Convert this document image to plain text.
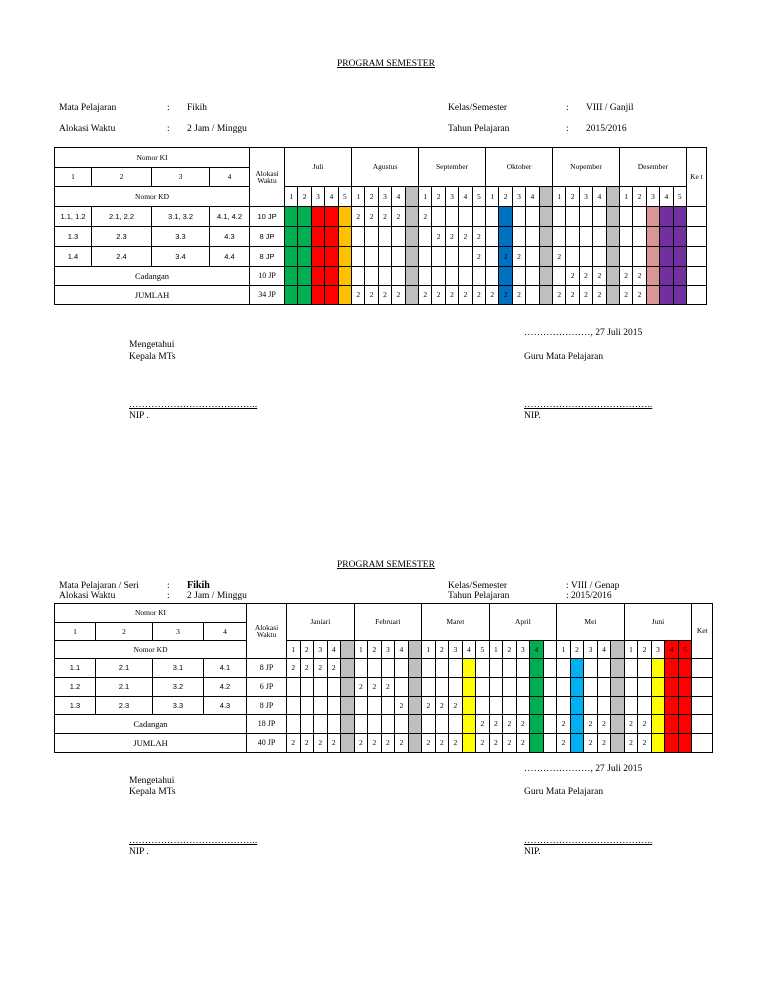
PROGRAM SEMESTER
Mata Pelajaran	: Fikih
Alokasi Waktu	: 2 Jam / Minggu
Kelas/Semester	: VIII / Ganjil
Tahun Pelajaran	: 2015/2016
Nomor KI				Alokasi Waktu	Juli					Agustus					September					Oktober					Nopember					Desember					Ke t
1	2	3	4																																
Nomor KD					1	2	3	4	5	1	2	3	4		1	2	3	4	5	1	2	3	4		1	2	3	4		1	2	3	4	5	
1.1, 1.2	2.1, 2.2	3.1, 3.2	4.1, 4.2	10 JP						2	2	2	2		2																				
1.3	2.3	3.3	4.3	8 JP												2	2	2	2																
1.4	2.4	3.4	4.4	8 JP															2		2	2			2										
Cadangan				10 JP																						2	2	2		2	2				
JUMLAH				34 JP						2	2	2	2		2	2	2	2	2	2	2	2			2	2	2	2		2	2				
…………………, 27 Juli 2015
Mengetahui
Kepala MTs	Guru Mata Pelajaran
…………………………………..	…………………………………..
NIP .	NIP.
PROGRAM SEMESTER
Mata Pelajaran / Seri	: Fikih
Alokasi Waktu	: 2 Jam / Minggu
Kelas/Semester	: VIII / Genap
Tahun Pelajaran	: 2015/2016
Nomor KI				Alokasi Waktu	Janiari					Februari					Maret					April					Mei					Juni					Ket
1	2	3	4																																
Nomor KD					1	2	3	4		1	2	3	4		1	2	3	4	5	1	2	3	4		1	2	3	4		1	2	3	4	5	
1.1	2.1	3.1	4.1	8 JP	2	2	2	2																											
1.2	2.1	3.2	4.2	6 JP						2	2	2																							
1.3	2.3	3.3	4.3	8 JP									2		2	2	2																		
Cadangan				18 JP															2	2	2	2			2		2	2		2	2				
JUMLAH				40 JP	2	2	2	2		2	2	2	2		2	2	2		2	2	2	2			2		2	2		2	2				
…………………, 27 Juli 2015
Mengetahui
Kepala MTs	Guru Mata Pelajaran
…………………………………..	…………………………………..
NIP .	NIP.
